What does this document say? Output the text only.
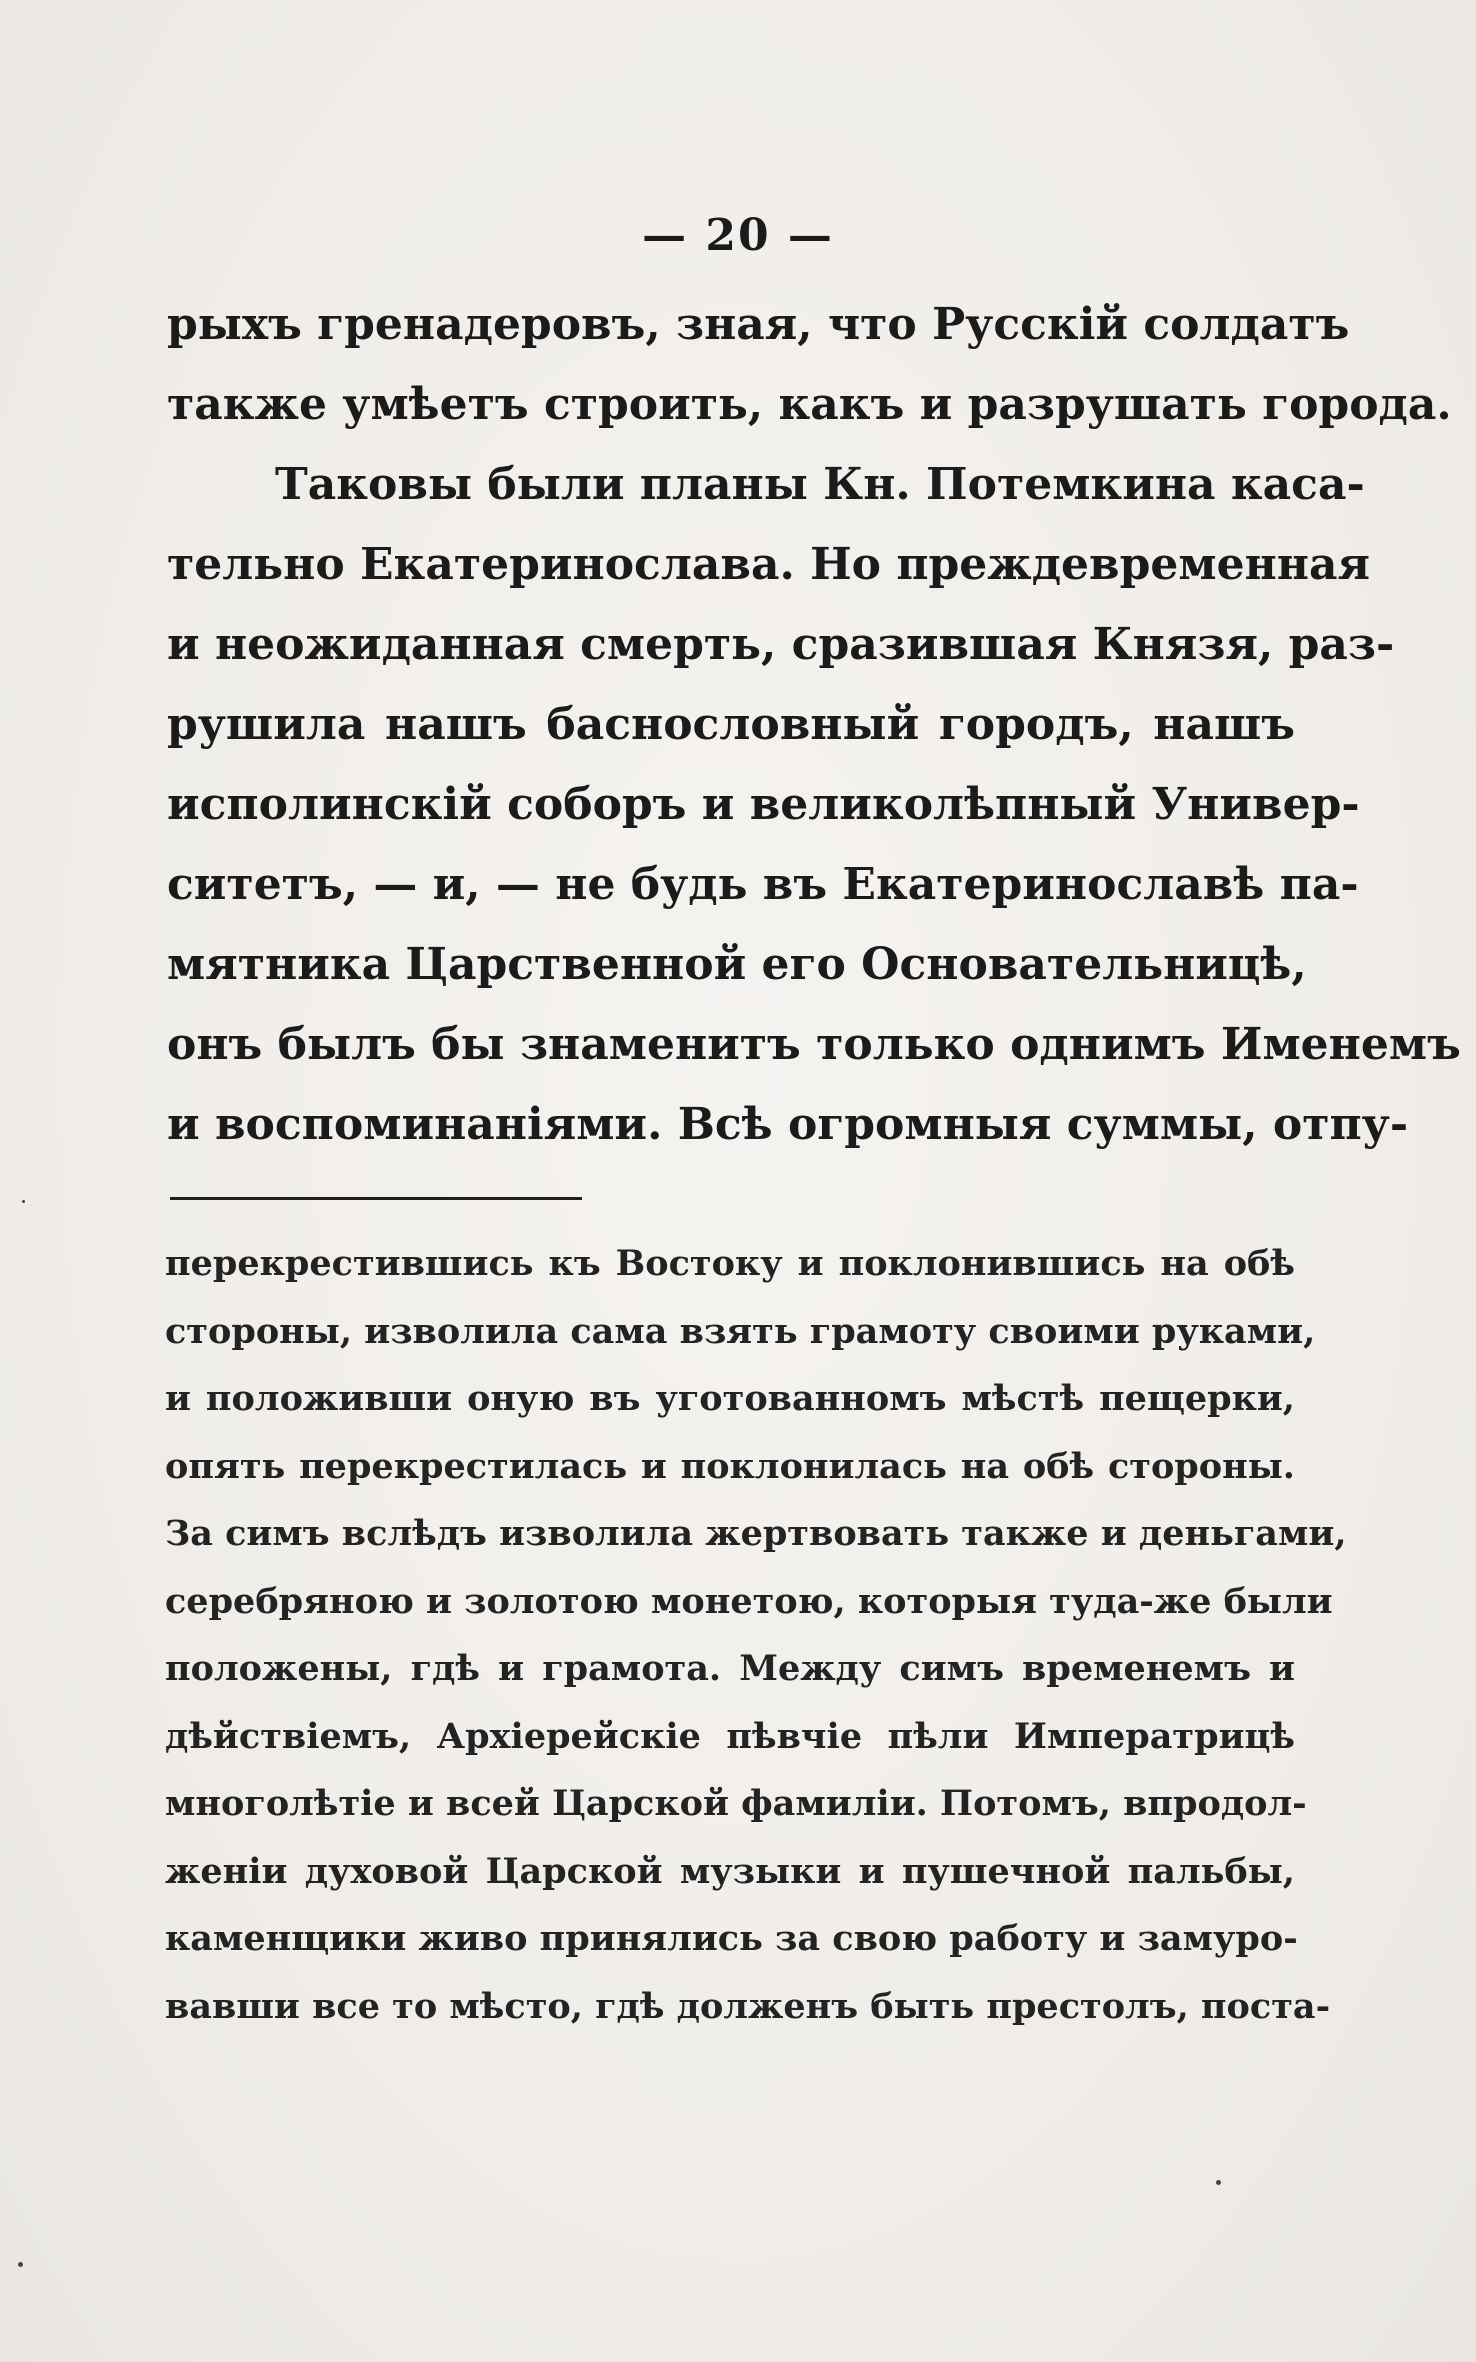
— 20 —
рыхъ гренадеровъ, зная, что Русскій солдатъ
также умѣетъ строить, какъ и разрушать города.
Таковы были планы Кн. Потемкина каса-
тельно Екатеринослава. Но преждевременная
и неожиданная смерть, сразившая Князя, раз-
рушила нашъ баснословный городъ, нашъ
исполинскій соборъ и великолѣпный Универ-
ситетъ, — и, — не будь въ Екатеринославѣ па-
мятника Царственной его Основательницѣ,
онъ былъ бы знаменитъ только однимъ Именемъ
и воспоминаніями. Всѣ огромныя суммы, отпу-
перекрестившись къ Востоку и поклонившись на обѣ
стороны, изволила сама взять грамоту своими руками,
и положивши оную въ уготованномъ мѣстѣ пещерки,
опять перекрестилась и поклонилась на обѣ стороны.
За симъ вслѣдъ изволила жертвовать также и деньгами,
серебряною и золотою монетою, которыя туда-же были
положены, гдѣ и грамота. Между симъ временемъ и
дѣйствіемъ, Архіерейскіе пѣвчіе пѣли Императрицѣ
многолѣтіе и всей Царской фамиліи. Потомъ, впродол-
женіи духовой Царской музыки и пушечной пальбы,
каменщики живо принялись за свою работу и замуро-
вавши все то мѣсто, гдѣ долженъ быть престолъ, поста-
